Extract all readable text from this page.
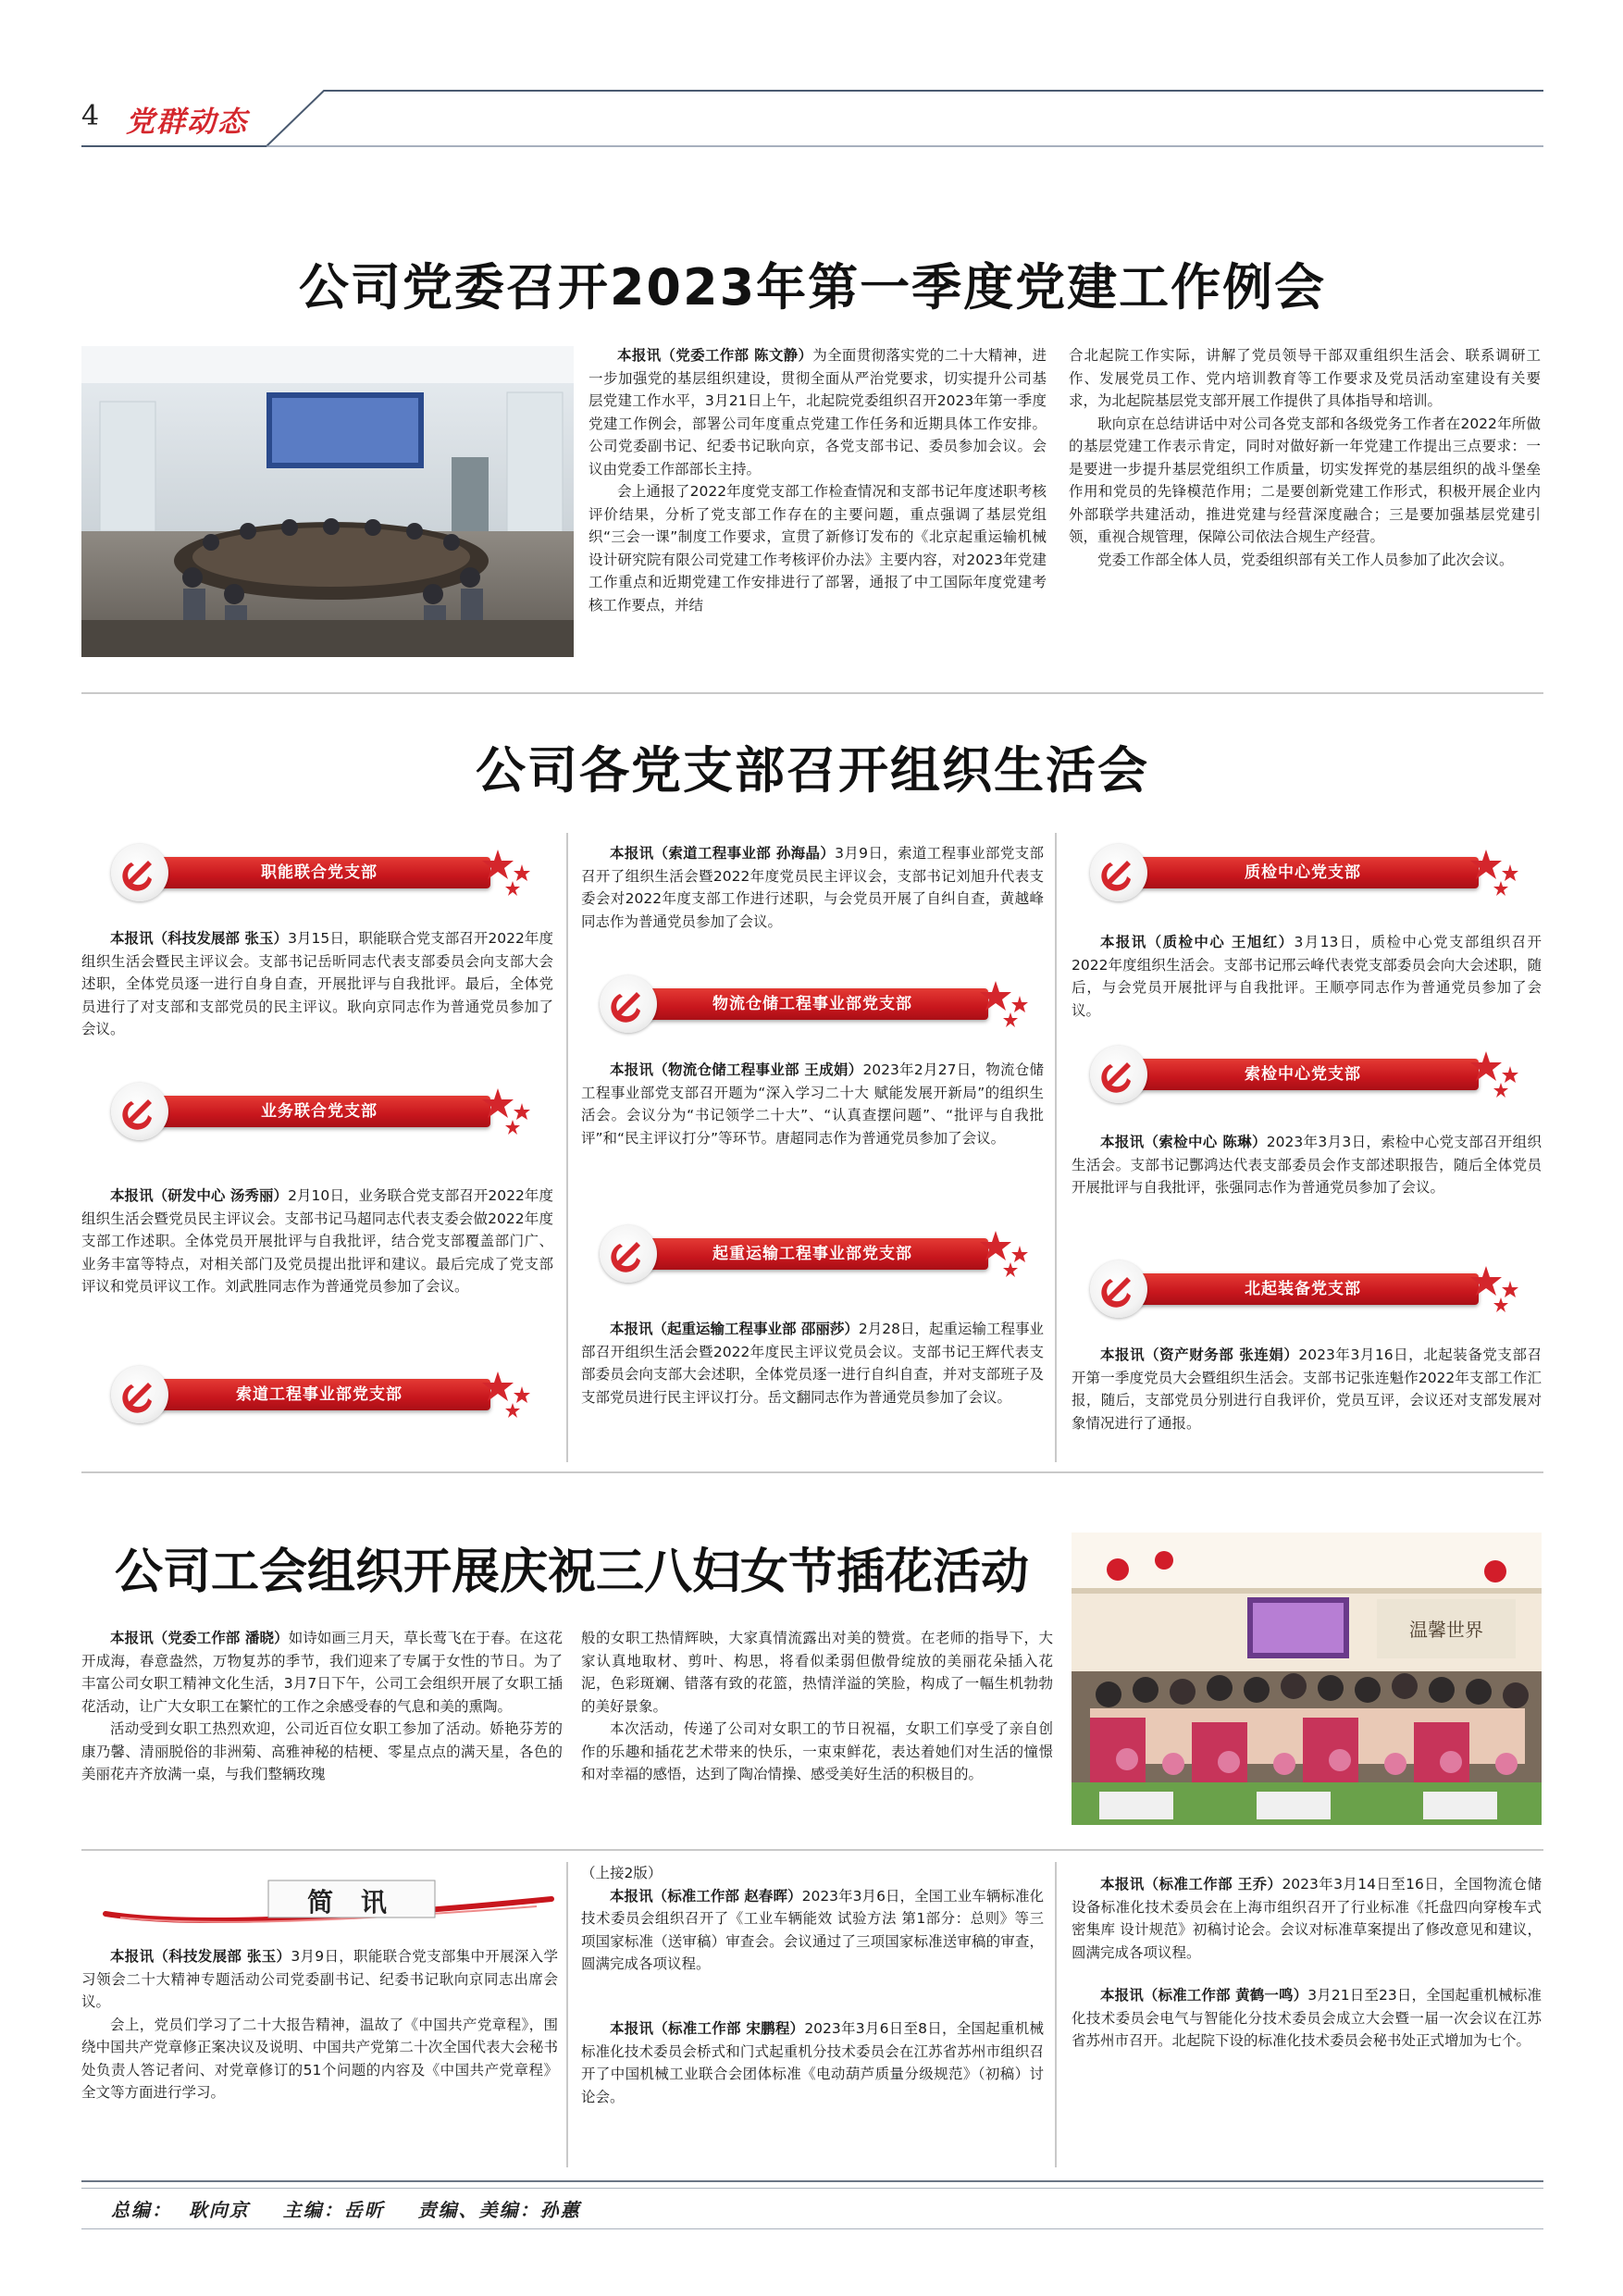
4 党群动态
公司党委召开2023年第一季度党建工作例会

本报讯（党委工作部 陈文静）为全面贯彻落实党的二十大精神，进一步加强党的基层组织建设，贯彻全面从严治党要求，切实提升公司基层党建工作水平，3月21日上午，北起院党委组织召开2023年第一季度党建工作例会，部署公司年度重点党建工作任务和近期具体工作安排。公司党委副书记、纪委书记耿向京，各党支部书记、委员参加会议。会议由党委工作部部长主持。

会上通报了2022年度党支部工作检查情况和支部书记年度述职考核评价结果，分析了党支部工作存在的主要问题，重点强调了基层党组织“三会一课”制度工作要求，宣贯了新修订发布的《北京起重运输机械设计研究院有限公司党建工作考核评价办法》主要内容，对2023年党建工作重点和近期党建工作安排进行了部署，通报了中工国际年度党建考核工作要点，并结

合北起院工作实际，讲解了党员领导干部双重组织生活会、联系调研工作、发展党员工作、党内培训教育等工作要求及党员活动室建设有关要求，为北起院基层党支部开展工作提供了具体指导和培训。

耿向京在总结讲话中对公司各党支部和各级党务工作者在2022年所做的基层党建工作表示肯定，同时对做好新一年党建工作提出三点要求：一是要进一步提升基层党组织工作质量，切实发挥党的基层组织的战斗堡垒作用和党员的先锋模范作用；二是要创新党建工作形式，积极开展企业内外部联学共建活动，推进党建与经营深度融合；三是要加强基层党建引领，重视合规管理，保障公司依法合规生产经营。

党委工作部全体人员，党委组织部有关工作人员参加了此次会议。

公司各党支部召开组织生活会
职能联合党支部

本报讯（科技发展部 张玉）3月15日，职能联合党支部召开2022年度组织生活会暨民主评议会。支部书记岳昕同志代表支部委员会向支部大会述职，全体党员逐一进行自身自查，开展批评与自我批评。最后，全体党员进行了对支部和支部党员的民主评议。耿向京同志作为普通党员参加了会议。

业务联合党支部

本报讯（研发中心 汤秀丽）2月10日，业务联合党支部召开2022年度组织生活会暨党员民主评议会。支部书记马超同志代表支委会做2022年度支部工作述职。全体党员开展批评与自我批评，结合党支部覆盖部门广、业务丰富等特点，对相关部门及党员提出批评和建议。最后完成了党支部评议和党员评议工作。刘武胜同志作为普通党员参加了会议。

索道工程事业部党支部

本报讯（索道工程事业部 孙海晶）3月9日，索道工程事业部党支部召开了组织生活会暨2022年度党员民主评议会，支部书记刘旭升代表支委会对2022年度支部工作进行述职，与会党员开展了自纠自查，黄越峰同志作为普通党员参加了会议。

物流仓储工程事业部党支部

本报讯（物流仓储工程事业部 王成娟）2023年2月27日，物流仓储工程事业部党支部召开题为“深入学习二十大 赋能发展开新局”的组织生活会。会议分为“书记领学二十大”、“认真查摆问题”、“批评与自我批评”和“民主评议打分”等环节。唐超同志作为普通党员参加了会议。

起重运输工程事业部党支部

本报讯（起重运输工程事业部 邵丽莎）2月28日，起重运输工程事业部召开组织生活会暨2022年度民主评议党员会议。支部书记王辉代表支部委员会向支部大会述职，全体党员逐一进行自纠自查，并对支部班子及支部党员进行民主评议打分。岳文翻同志作为普通党员参加了会议。

质检中心党支部

本报讯（质检中心 王旭红）3月13日，质检中心党支部组织召开2022年度组织生活会。支部书记邢云峰代表党支部委员会向大会述职，随后，与会党员开展批评与自我批评。王顺亭同志作为普通党员参加了会议。

索检中心党支部

本报讯（索检中心 陈琳）2023年3月3日，索检中心党支部召开组织生活会。支部书记酆鸿达代表支部委员会作支部述职报告，随后全体党员开展批评与自我批评，张强同志作为普通党员参加了会议。

北起装备党支部

本报讯（资产财务部 张连娟）2023年3月16日，北起装备党支部召开第一季度党员大会暨组织生活会。支部书记张连魁作2022年支部工作汇报，随后，支部党员分别进行自我评价，党员互评，会议还对支部发展对象情况进行了通报。

公司工会组织开展庆祝三八妇女节插花活动
温馨世界

本报讯（党委工作部 潘晓）如诗如画三月天，草长莺飞在于春。在这花开成海，春意盎然，万物复苏的季节，我们迎来了专属于女性的节日。为了丰富公司女职工精神文化生活，3月7日下午，公司工会组织开展了女职工插花活动，让广大女职工在繁忙的工作之余感受春的气息和美的熏陶。

活动受到女职工热烈欢迎，公司近百位女职工参加了活动。娇艳芬芳的康乃馨、清丽脱俗的非洲菊、高雅神秘的桔梗、零星点点的满天星，各色的美丽花卉齐放满一桌，与我们整辆玫瑰

般的女职工热情辉映，大家真情流露出对美的赞赏。在老师的指导下，大家认真地取材、剪叶、构思，将看似柔弱但傲骨绽放的美丽花朵插入花泥，色彩斑斓、错落有致的花篮，热情洋溢的笑脸，构成了一幅生机勃勃的美好景象。

本次活动，传递了公司对女职工的节日祝福，女职工们享受了亲自创作的乐趣和插花艺术带来的快乐，一束束鲜花，表达着她们对生活的憧憬和对幸福的感悟，达到了陶冶情操、感受美好生活的积极目的。

简 讯

本报讯（科技发展部 张玉）3月9日，职能联合党支部集中开展深入学习领会二十大精神专题活动公司党委副书记、纪委书记耿向京同志出席会议。

会上，党员们学习了二十大报告精神，温故了《中国共产党章程》，围绕中国共产党章修正案决议及说明、中国共产党第二十次全国代表大会秘书处负责人答记者问、对党章修订的51个问题的内容及《中国共产党章程》全文等方面进行学习。

（上接2版）

本报讯（标准工作部 赵春晖）2023年3月6日，全国工业车辆标准化技术委员会组织召开了《工业车辆能效 试验方法 第1部分：总则》等三项国家标准（送审稿）审查会。会议通过了三项国家标准送审稿的审查，圆满完成各项议程。

本报讯（标准工作部 宋鹏程）2023年3月6日至8日，全国起重机械标准化技术委员会桥式和门式起重机分技术委员会在江苏省苏州市组织召开了中国机械工业联合会团体标准《电动葫芦质量分级规范》（初稿）讨论会。

本报讯（标准工作部 王乔）2023年3月14日至16日，全国物流仓储设备标准化技术委员会在上海市组织召开了行业标准《托盘四向穿梭车式密集库 设计规范》初稿讨论会。会议对标准草案提出了修改意见和建议，圆满完成各项议程。

本报讯（标准工作部 黄鹤一鸣）3月21日至23日，全国起重机械标准化技术委员会电气与智能化分技术委员会成立大会暨一届一次会议在江苏省苏州市召开。北起院下设的标准化技术委员会秘书处正式增加为七个。

总编：  耿向京    主编：岳昕    责编、美编：孙蕙
